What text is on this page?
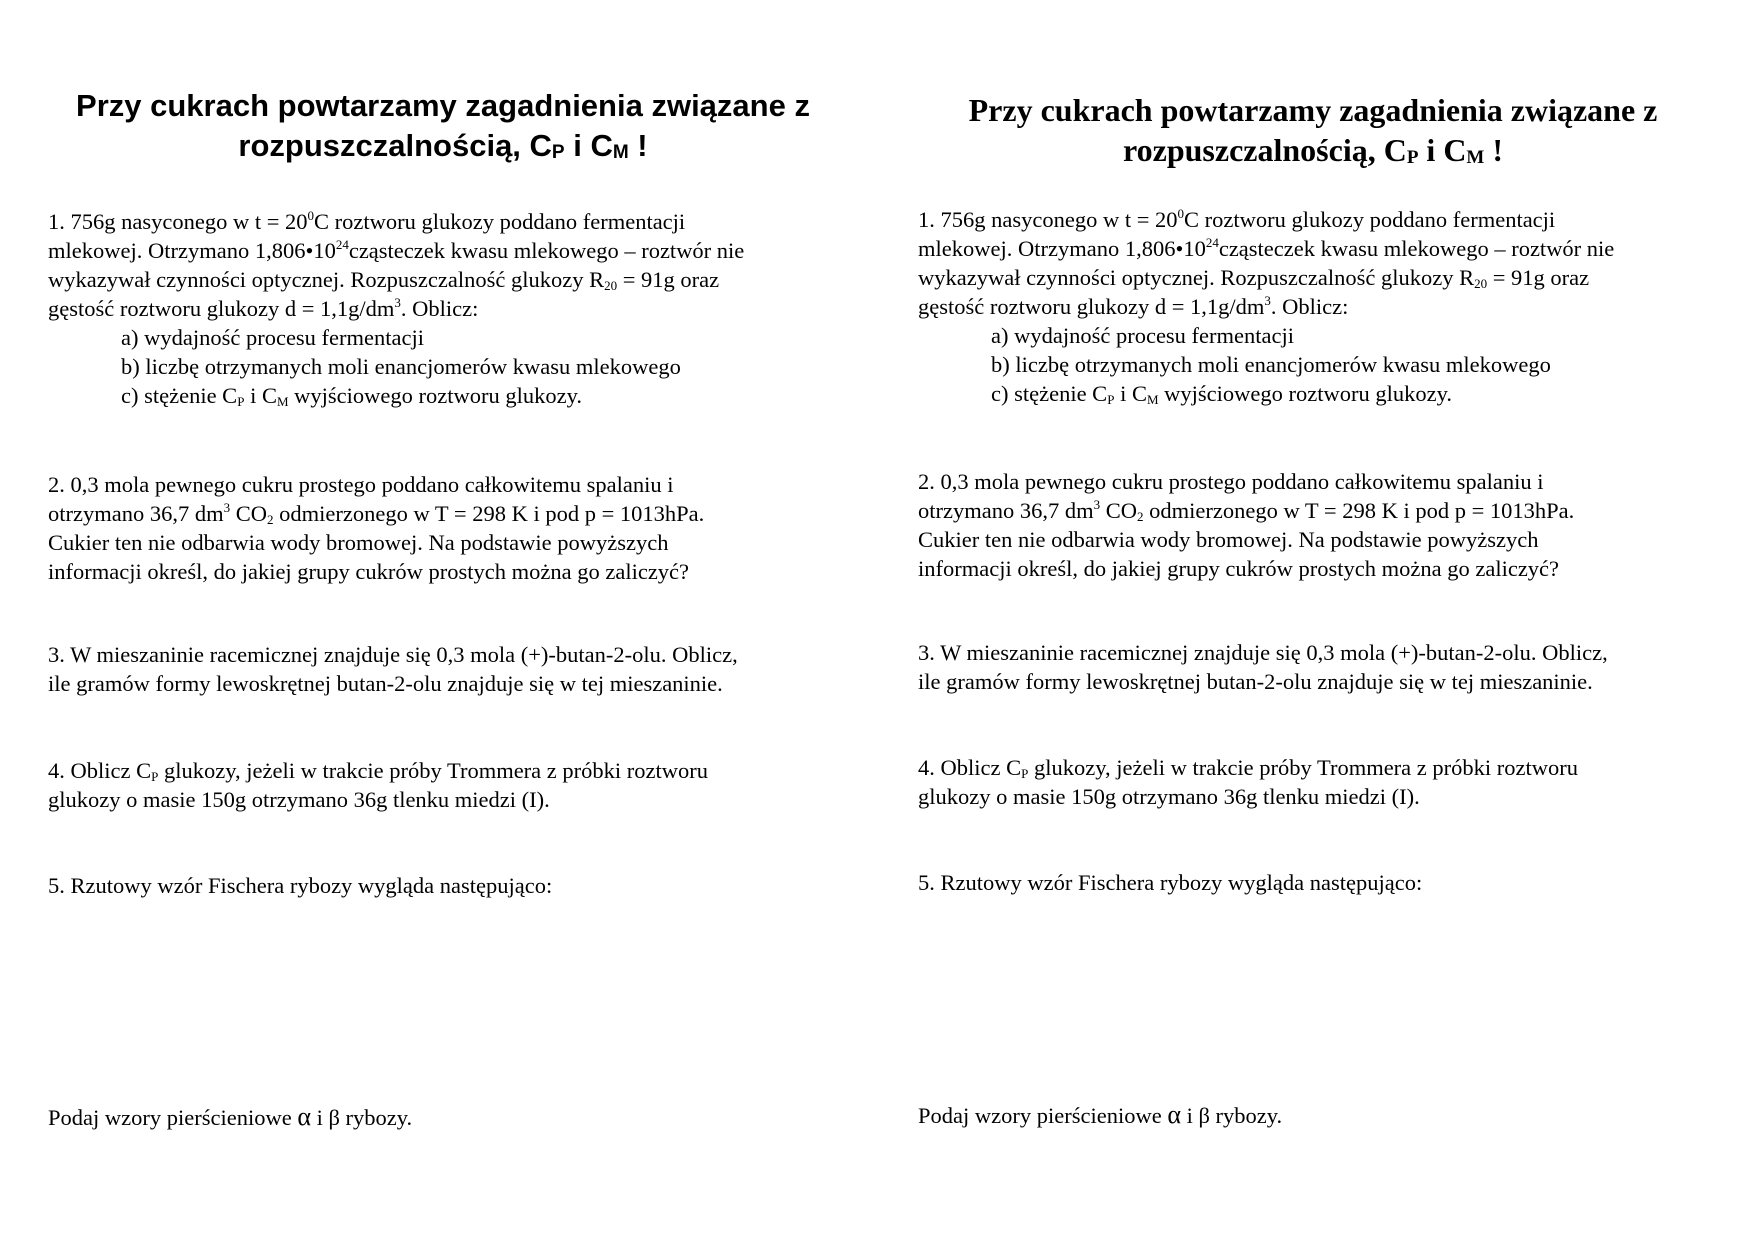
Przy cukrach powtarzamy zagadnienia związane z
rozpuszczalnością, $C_P$ i $C_M$ !

1. 756g nasyconego w $t = 20^0C$ roztworu glukozy poddano fermentacji

mlekowej. Otrzymano $1,806•10^{24}cząsteczek$ kwasu mlekowego – roztwór nie

wykazywał czynności optycznej. Rozpuszczalność glukozy $R_{20} = 91g$ oraz

gęstość roztworu glukozy $d = 1,1g/dm^3$. Oblicz:

a) wydajność procesu fermentacji

b) liczbę otrzymanych moli enancjomerów kwasu mlekowego

c) stężenie $C_P$ i $C_M$ wyjściowego roztworu glukozy.

2. 0,3 mola pewnego cukru prostego poddano całkowitemu spalaniu i

otrzymano 36,7 $dm^3$ $CO_2$ odmierzonego w T = 298 K i pod p = 1013hPa.

Cukier ten nie odbarwia wody bromowej. Na podstawie powyższych

informacji określ, do jakiej grupy cukrów prostych można go zaliczyć?

3. W mieszaninie racemicznej znajduje się 0,3 mola (+)-butan-2-olu. Oblicz,

ile gramów formy lewoskrętnej butan-2-olu znajduje się w tej mieszaninie.

4. Oblicz $C_P$ glukozy, jeżeli w trakcie próby Trommera z próbki roztworu

glukozy o masie 150g otrzymano 36g tlenku miedzi (I).

5. Rzutowy wzór Fischera rybozy wygląda następująco:

Podaj wzory pierścieniowe α i β rybozy.

Przy cukrach powtarzamy zagadnienia związane z
rozpuszczalnością, $C_P$ i $C_M$ !

1. 756g nasyconego w $t = 20^0C$ roztworu glukozy poddano fermentacji

mlekowej. Otrzymano $1,806•10^{24}cząsteczek$ kwasu mlekowego – roztwór nie

wykazywał czynności optycznej. Rozpuszczalność glukozy $R_{20} = 91g$ oraz

gęstość roztworu glukozy $d = 1,1g/dm^3$. Oblicz:

a) wydajność procesu fermentacji

b) liczbę otrzymanych moli enancjomerów kwasu mlekowego

c) stężenie $C_P$ i $C_M$ wyjściowego roztworu glukozy.

2. 0,3 mola pewnego cukru prostego poddano całkowitemu spalaniu i

otrzymano 36,7 $dm^3$ $CO_2$ odmierzonego w T = 298 K i pod p = 1013hPa.

Cukier ten nie odbarwia wody bromowej. Na podstawie powyższych

informacji określ, do jakiej grupy cukrów prostych można go zaliczyć?

3. W mieszaninie racemicznej znajduje się 0,3 mola (+)-butan-2-olu. Oblicz,

ile gramów formy lewoskrętnej butan-2-olu znajduje się w tej mieszaninie.

4. Oblicz $C_P$ glukozy, jeżeli w trakcie próby Trommera z próbki roztworu

glukozy o masie 150g otrzymano 36g tlenku miedzi (I).

5. Rzutowy wzór Fischera rybozy wygląda następująco:

Podaj wzory pierścieniowe α i β rybozy.
